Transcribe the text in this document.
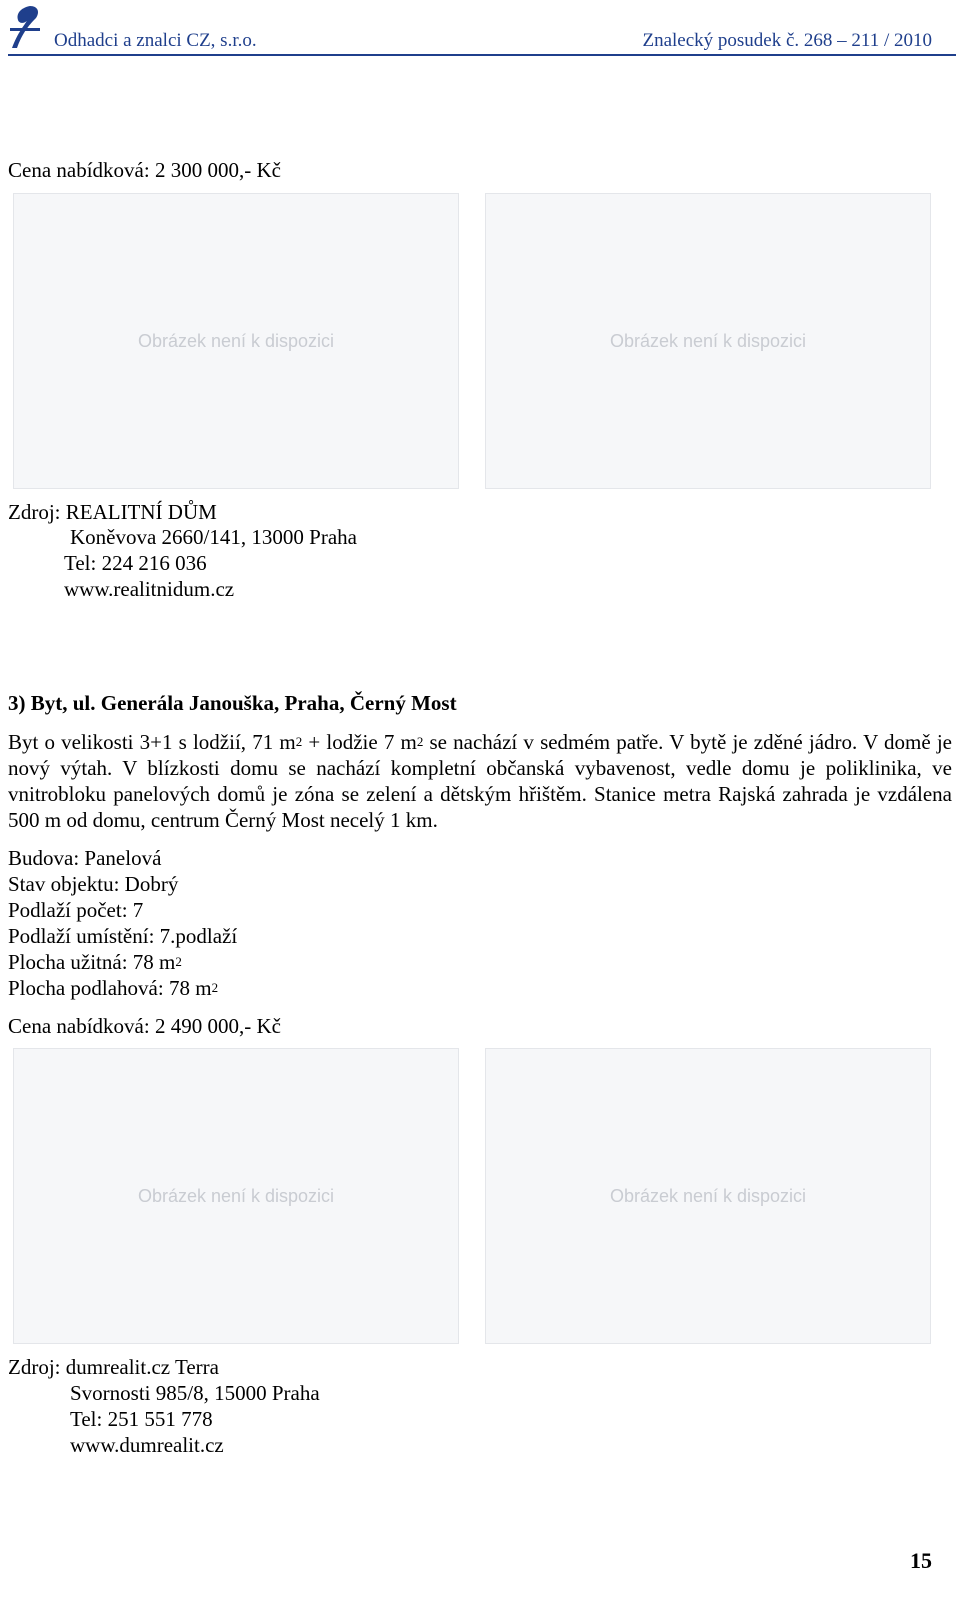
Odhadci a znalci CZ, s.r.o.	Znalecký posudek č. 268 – 211 / 2010
Cena nabídková: 2 300 000,- Kč
Obrázek není k dispozici	Obrázek není k dispozici
Zdroj: REALITNÍ DŮM
Koněvova 2660/141, 13000 Praha
Tel: 224 216 036
www.realitnidum.cz
3) Byt, ul. Generála Janouška, Praha, Černý Most
Byt o velikosti 3+1 s lodžií, 71 $m^2$ + lodžie 7 $m^2$ se nachází v sedmém patře. V bytě je zděné jádro. V domě je nový výtah. V blízkosti domu se nachází kompletní občanská vybavenost, vedle domu je poliklinika, ve vnitrobloku panelových domů je zóna se zelení a dětským hřištěm. Stanice metra Rajská zahrada je vzdálena 500 m od domu, centrum Černý Most necelý 1 km.
Budova: Panelová
Stav objektu: Dobrý
Podlaží počet: 7
Podlaží umístění: 7.podlaží
Plocha užitná: 78 $m^2$
Plocha podlahová: 78 $m^2$
Cena nabídková: 2 490 000,- Kč
Obrázek není k dispozici	Obrázek není k dispozici
Zdroj: dumrealit.cz Terra
Svornosti 985/8, 15000 Praha
Tel: 251 551 778
www.dumrealit.cz
15
